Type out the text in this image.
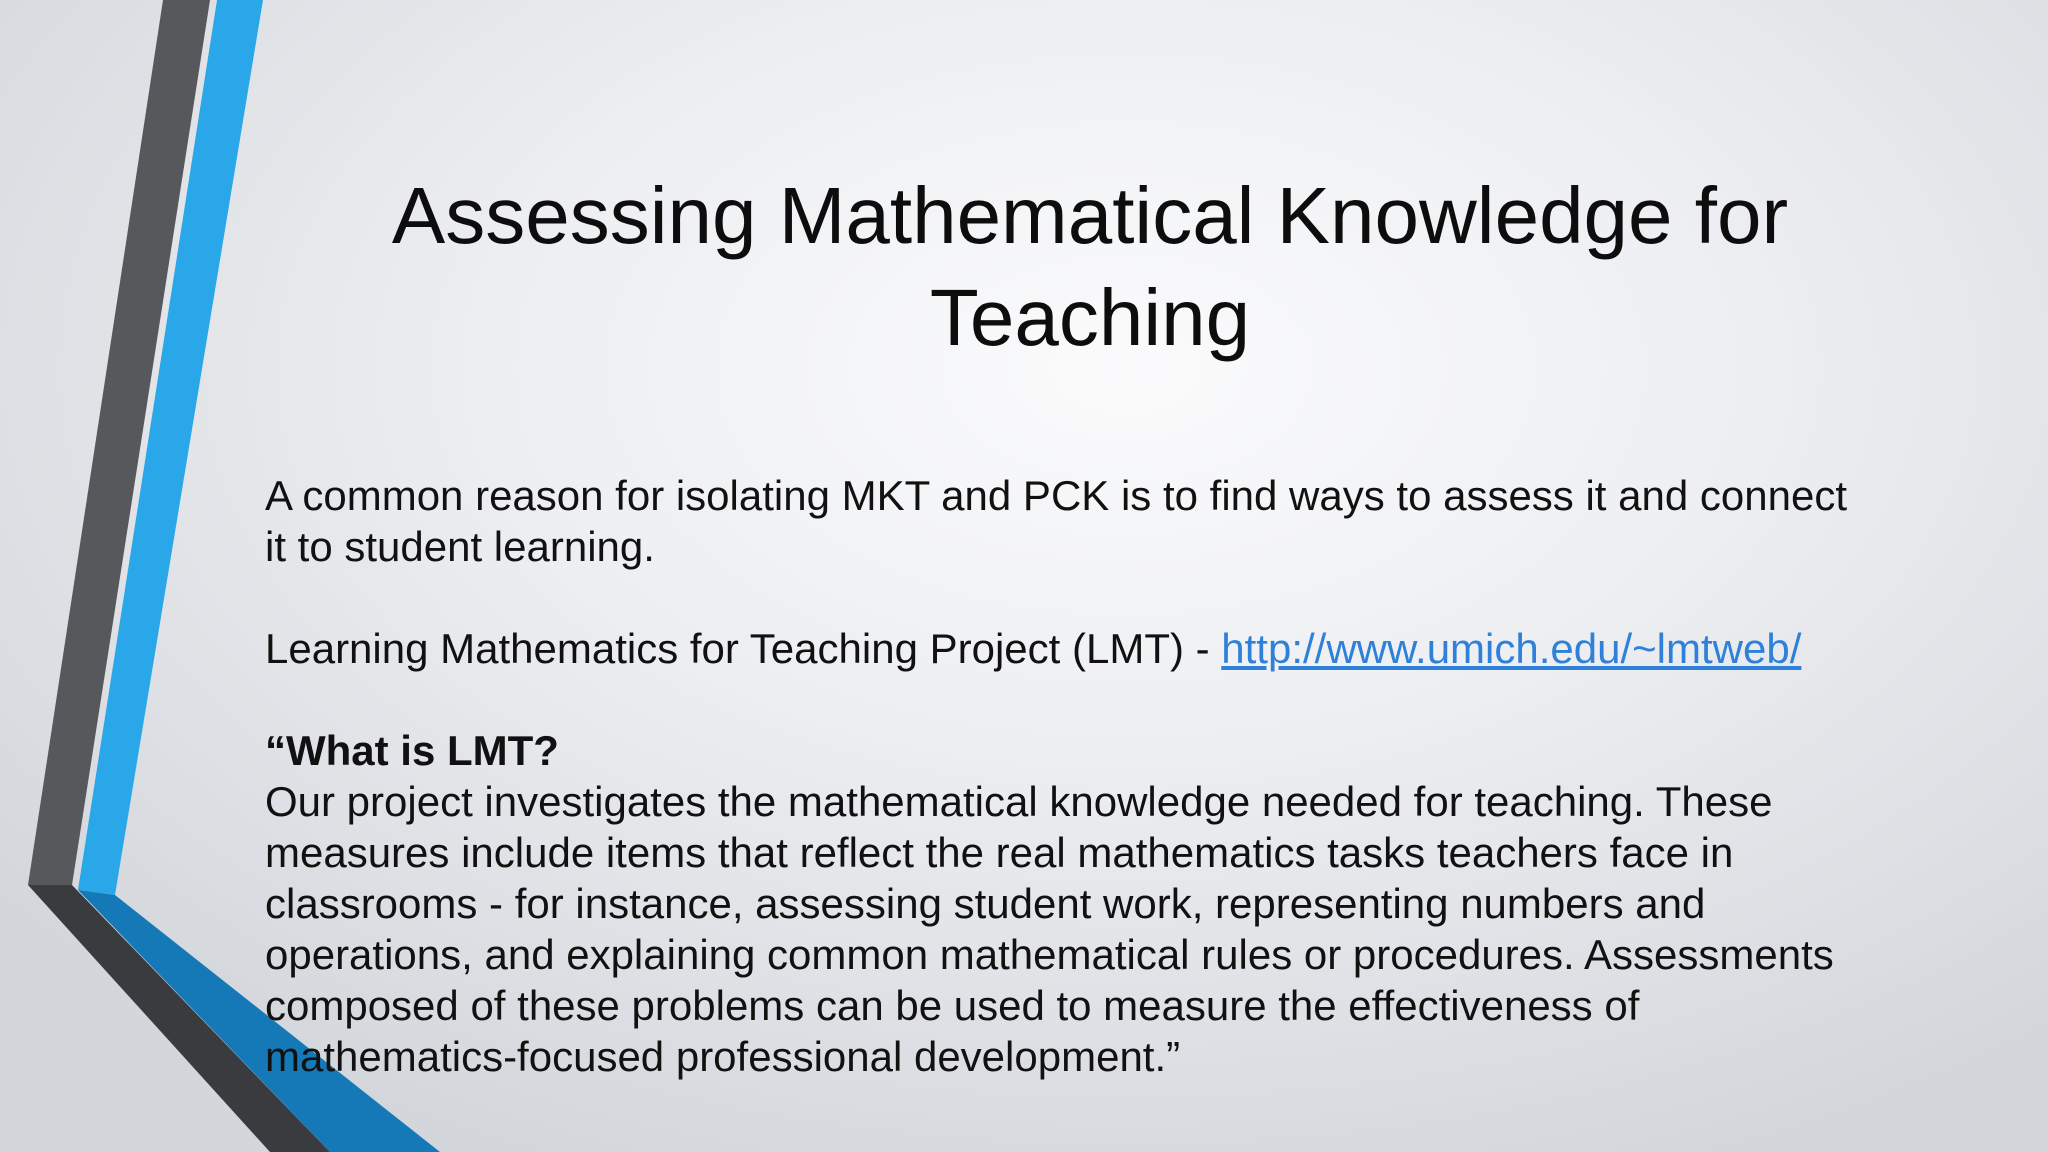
Assessing Mathematical Knowledge for
Teaching

A common reason for isolating MKT and PCK is to find ways to assess it and connect
it to student learning.

Learning Mathematics for Teaching Project (LMT) - http://www.umich.edu/~lmtweb/

“What is LMT?
Our project investigates the mathematical knowledge needed for teaching. These
measures include items that reflect the real mathematics tasks teachers face in
classrooms - for instance, assessing student work, representing numbers and
operations, and explaining common mathematical rules or procedures. Assessments
composed of these problems can be used to measure the effectiveness of
mathematics-focused professional development.”
